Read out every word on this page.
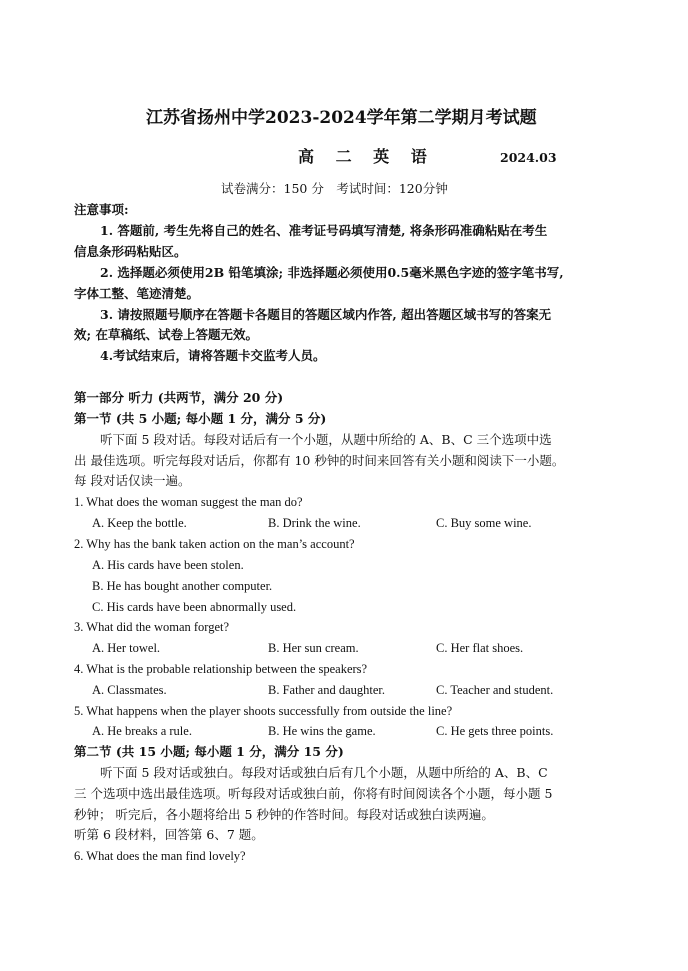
江苏省扬州中学2023-2024学年第二学期月考试题
高 二 英 语	2024.03
试卷满分：150 分　考试时间：120分钟
注意事项:
1. 答题前, 考生先将自己的姓名、准考证号码填写清楚, 将条形码准确粘贴在考生
信息条形码粘贴区。
2. 选择题必须使用2B 铅笔填涂; 非选择题必须使用0.5毫米黑色字迹的签字笔书写,
字体工整、笔迹清楚。
3. 请按照题号顺序在答题卡各题目的答题区域内作答, 超出答题区域书写的答案无
效; 在草稿纸、试卷上答题无效。
4.考试结束后，请将答题卡交监考人员。
第一部分 听力 (共两节，满分 20 分)
第一节 (共 5 小题; 每小题 1 分，满分 5 分)
听下面 5 段对话。每段对话后有一个小题，从题中所给的 A、B、C 三个选项中选
出 最佳选项。听完每段对话后，你都有 10 秒钟的时间来回答有关小题和阅读下一小题。
每 段对话仅读一遍。
1. What does the woman suggest the man do?
A. Keep the bottle.	B. Drink the wine.	C. Buy some wine.
2. Why has the bank taken action on the man’s account?
A. His cards have been stolen.
B. He has bought another computer.
C. His cards have been abnormally used.
3. What did the woman forget?
A. Her towel.	B. Her sun cream.	C. Her flat shoes.
4. What is the probable relationship between the speakers?
A. Classmates.	B. Father and daughter.	C. Teacher and student.
5. What happens when the player shoots successfully from outside the line?
A. He breaks a rule.	B. He wins the game.	C. He gets three points.
第二节 (共 15 小题; 每小题 1 分，满分 15 分)
听下面 5 段对话或独白。每段对话或独白后有几个小题，从题中所给的 A、B、C
三 个选项中选出最佳选项。听每段对话或独白前，你将有时间阅读各个小题，每小题 5
秒钟； 听完后，各小题将给出 5 秒钟的作答时间。每段对话或独白读两遍。
听第 6 段材料，回答第 6、7 题。
6. What does the man find lovely?
